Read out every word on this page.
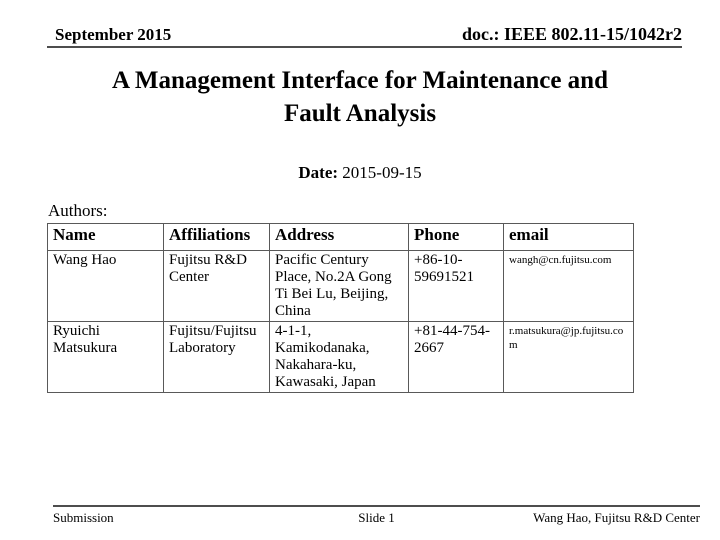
September 2015	doc.: IEEE 802.11-15/1042r2
A Management Interface for Maintenance and
Fault Analysis
Date: 2015-09-15
Authors:
Name	Affiliations	Address	Phone	email
Wang Hao	Fujitsu R&D Center	Pacific Century Place, No.2A Gong Ti Bei Lu, Beijing, China	+86-10-59691521	wangh@cn.fujitsu.com
Ryuichi Matsukura	Fujitsu/Fujitsu Laboratory	4-1-1, Kamikodanaka, Nakahara-ku, Kawasaki, Japan	+81-44-754-2667	r.matsukura@jp.fujitsu.com
Submission	Slide 1	Wang Hao, Fujitsu R&D Center
